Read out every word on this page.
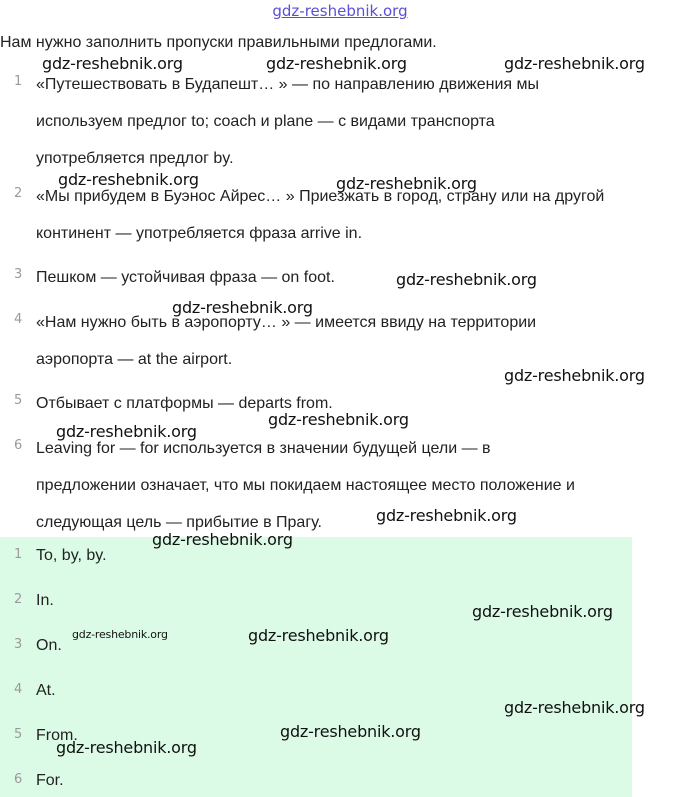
gdz-reshebnik.org
Нам нужно заполнить пропуски правильными предлогами.
1 «Путешествовать в Будапешт… » — по направлению движения мы
используем предлог to; coach и plane — с видами транспорта
употребляется предлог by.
2 «Мы прибудем в Буэнос Айрес… » Приезжать в город, страну или на другой
континент — употребляется фраза arrive in.
3 Пешком — устойчивая фраза — on foot.
4 «Нам нужно быть в аэропорту… » — имеется ввиду на территории
аэропорта — at the airport.
5 Отбывает с платформы — departs from.
6 Leaving for — for используется в значении будущей цели — в
предложении означает, что мы покидаем настоящее место положение и
следующая цель — прибытие в Прагу.
1 To, by, by.
2 In.
3 On.
4 At.
5 From.
6 For.
gdz-reshebnik.org	gdz-reshebnik.org	gdz-reshebnik.org
gdz-reshebnik.org	gdz-reshebnik.org
gdz-reshebnik.org
gdz-reshebnik.org
gdz-reshebnik.org
gdz-reshebnik.org
gdz-reshebnik.org
gdz-reshebnik.org
gdz-reshebnik.org
gdz-reshebnik.org
gdz-reshebnik.org	gdz-reshebnik.org
gdz-reshebnik.org
gdz-reshebnik.org
gdz-reshebnik.org
